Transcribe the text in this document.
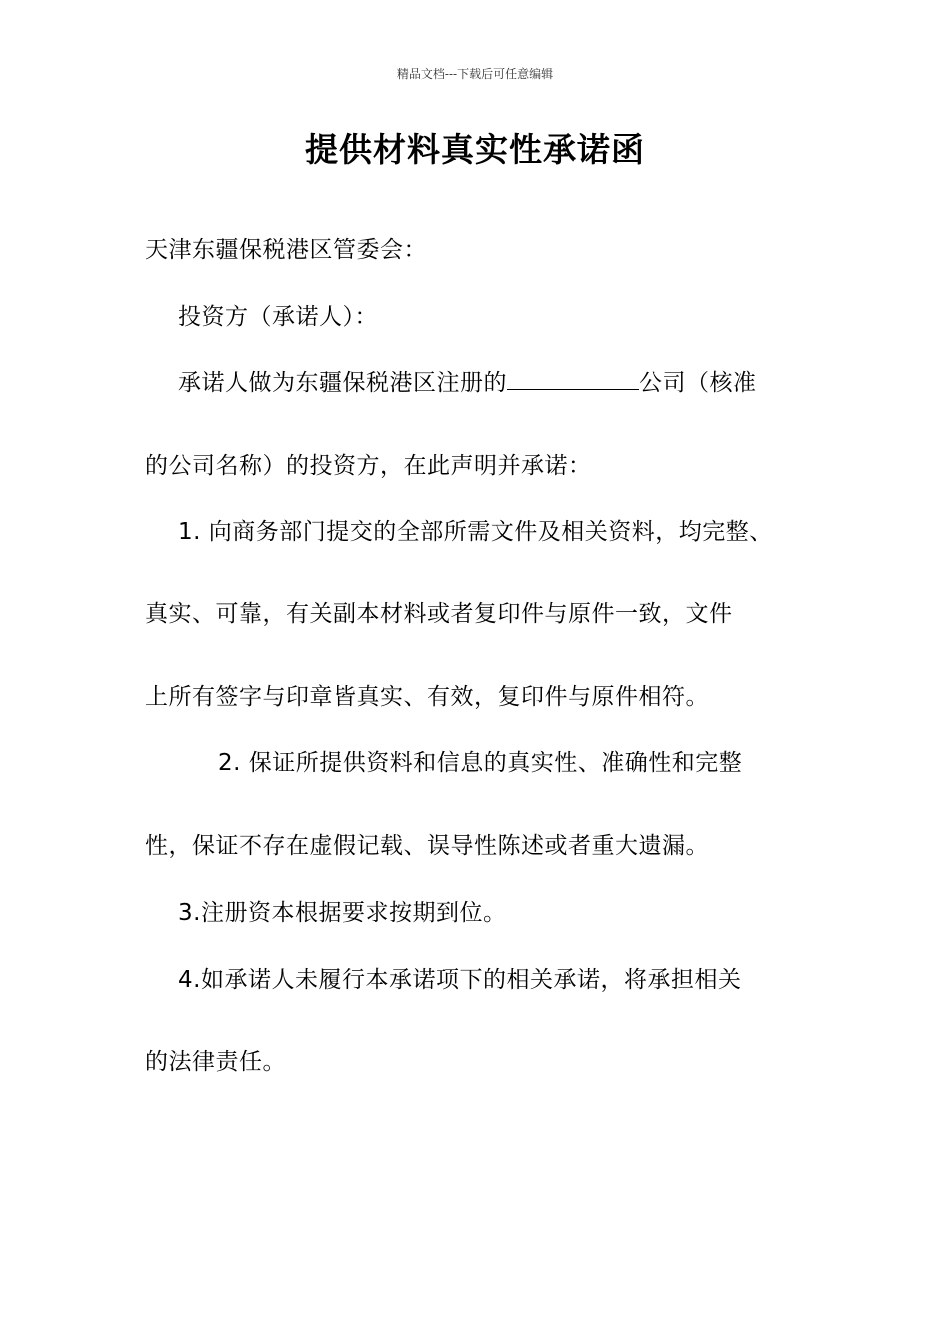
精品文档---下载后可任意编辑
提供材料真实性承诺函
天津东疆保税港区管委会：
投资方（承诺人）：
承诺人做为东疆保税港区注册的	公司（核准
的公司名称）的投资方，在此声明并承诺：
1. 向商务部门提交的全部所需文件及相关资料，均完整、
真实、可靠，有关副本材料或者复印件与原件一致，文件
上所有签字与印章皆真实、有效，复印件与原件相符。
2. 保证所提供资料和信息的真实性、准确性和完整
性，保证不存在虚假记载、误导性陈述或者重大遗漏。
3.注册资本根据要求按期到位。
4.如承诺人未履行本承诺项下的相关承诺，将承担相关
的法律责任。
